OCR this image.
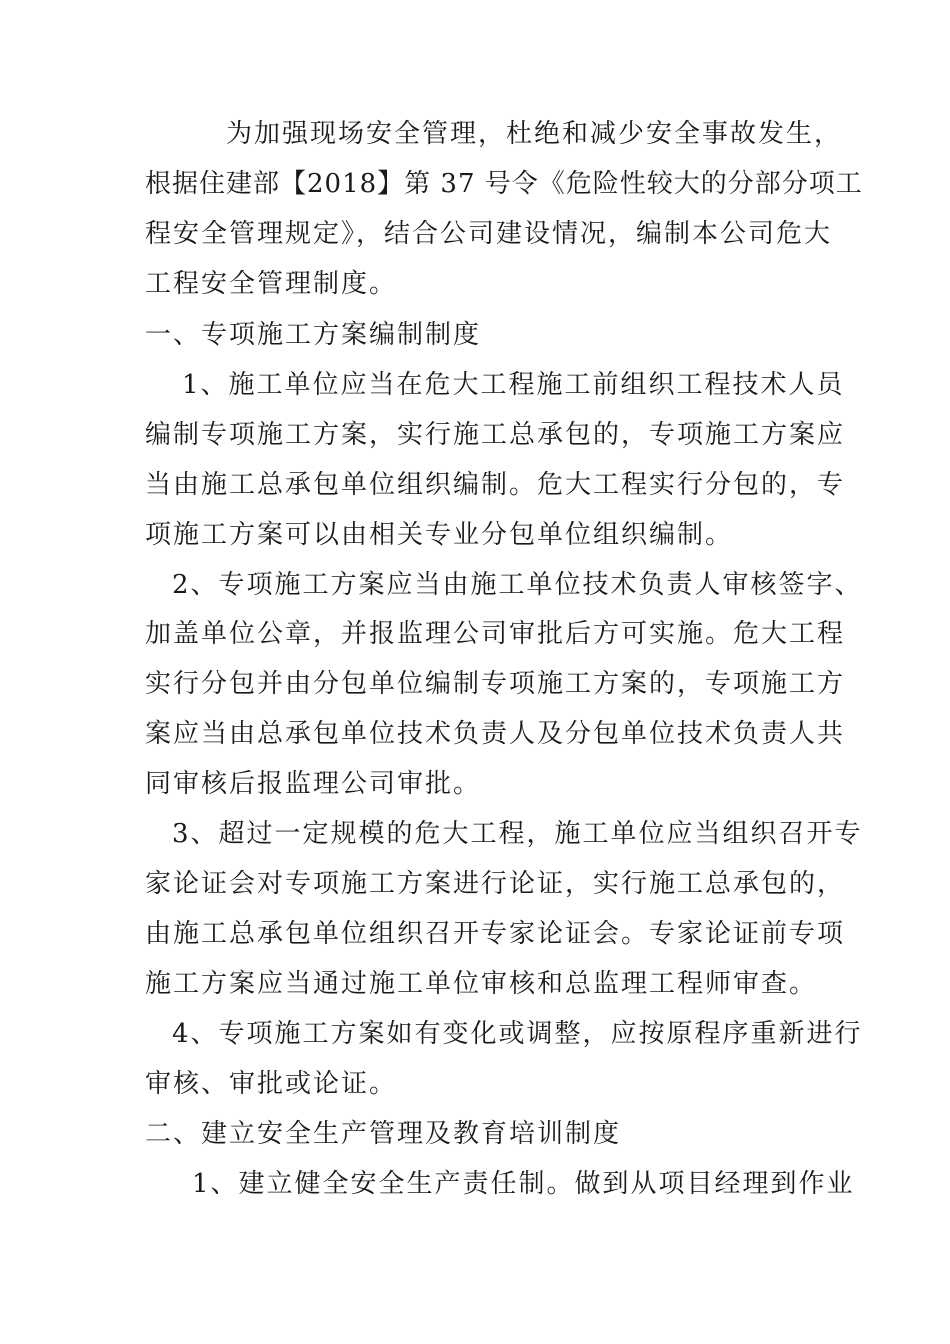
为加强现场安全管理，杜绝和减少安全事故发生，
根据住建部【2018】第 37 号令《危险性较大的分部分项工
程安全管理规定》，结合公司建设情况，编制本公司危大
工程安全管理制度。
一、专项施工方案编制制度
1、施工单位应当在危大工程施工前组织工程技术人员
编制专项施工方案，实行施工总承包的，专项施工方案应
当由施工总承包单位组织编制。危大工程实行分包的，专
项施工方案可以由相关专业分包单位组织编制。
2、专项施工方案应当由施工单位技术负责人审核签字、
加盖单位公章，并报监理公司审批后方可实施。危大工程
实行分包并由分包单位编制专项施工方案的，专项施工方
案应当由总承包单位技术负责人及分包单位技术负责人共
同审核后报监理公司审批。
3、超过一定规模的危大工程，施工单位应当组织召开专
家论证会对专项施工方案进行论证，实行施工总承包的，
由施工总承包单位组织召开专家论证会。专家论证前专项
施工方案应当通过施工单位审核和总监理工程师审查。
4、专项施工方案如有变化或调整，应按原程序重新进行
审核、审批或论证。
二、建立安全生产管理及教育培训制度
1、建立健全安全生产责任制。做到从项目经理到作业
